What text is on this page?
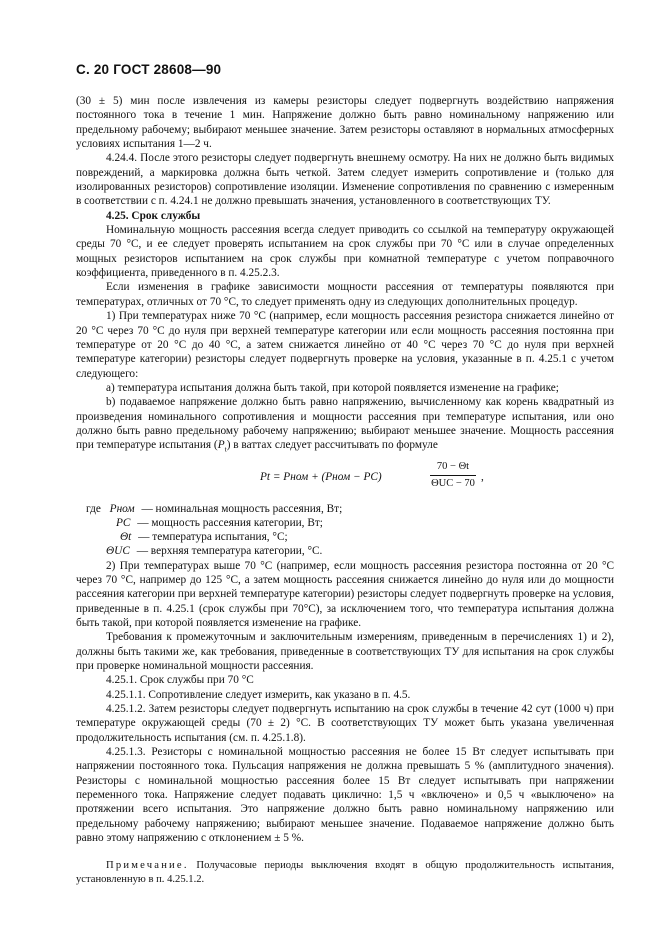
С. 20 ГОСТ 28608—90

(30 ± 5) мин после извлечения из камеры резисторы следует подвергнуть воздействию напряжения постоянного тока в течение 1 мин. Напряжение должно быть равно номинальному напряжению или предельному рабочему; выбирают меньшее значение. Затем резисторы оставляют в нормальных атмосферных условиях испытания 1—2 ч.

4.24.4. После этого резисторы следует подвергнуть внешнему осмотру. На них не должно быть видимых повреждений, а маркировка должна быть четкой. Затем следует измерить сопротивление и (только для изолированных резисторов) сопротивление изоляции. Изменение сопротивления по сравнению с измеренным в соответствии с п. 4.24.1 не должно превышать значения, установленного в соответствующих ТУ.

4.25. Срок службы

Номинальную мощность рассеяния всегда следует приводить со ссылкой на температуру окружающей среды 70 °С, и ее следует проверять испытанием на срок службы при 70 °С или в случае определенных мощных резисторов испытанием на срок службы при комнатной температуре с учетом поправочного коэффициента, приведенного в п. 4.25.2.3.

Если изменения в графике зависимости мощности рассеяния от температуры появляются при температурах, отличных от 70 °С, то следует применять одну из следующих дополнительных процедур.

1) При температурах ниже 70 °С (например, если мощность рассеяния резистора снижается линейно от 20 °С через 70 °С до нуля при верхней температуре категории или если мощность рассеяния постоянна при температуре от 20 °С до 40 °С, а затем снижается линейно от 40 °С через 70 °С до нуля при верхней температуре категории) резисторы следует подвергнуть проверке на условия, указанные в п. 4.25.1 с учетом следующего:

а) температура испытания должна быть такой, при которой появляется изменение на графике;

b) подаваемое напряжение должно быть равно напряжению, вычисленному как корень квадратный из произведения номинального сопротивления и мощности рассеяния при температуре испытания, или оно должно быть равно предельному рабочему напряжению; выбирают меньшее значение. Мощность рассеяния при температуре испытания $(P_t)$ в ваттах следует рассчитывать по формуле

Pt = Pном + (Pном − PC)
70 − Θt
ΘUC − 70
,
где Pном — номинальная мощность рассеяния, Вт;
PC — мощность рассеяния категории, Вт;
Θt — температура испытания, °С;
ΘUC — верхняя температура категории, °С.

2) При температурах выше 70 °С (например, если мощность рассеяния резистора постоянна от 20 °С через 70 °С, например до 125 °С, а затем мощность рассеяния снижается линейно до нуля или до мощности рассеяния категории при верхней температуре категории) резисторы следует подвергнуть проверке на условия, приведенные в п. 4.25.1 (срок службы при 70°С), за исключением того, что температура испытания должна быть такой, при которой появляется изменение на графике.

Требования к промежуточным и заключительным измерениям, приведенным в перечислениях 1) и 2), должны быть такими же, как требования, приведенные в соответствующих ТУ для испытания на срок службы при проверке номинальной мощности рассеяния.

4.25.1. Срок службы при 70 °С

4.25.1.1. Сопротивление следует измерить, как указано в п. 4.5.

4.25.1.2. Затем резисторы следует подвергнуть испытанию на срок службы в течение 42 сут (1000 ч) при температуре окружающей среды (70 ± 2) °С. В соответствующих ТУ может быть указана увеличенная продолжительность испытания (см. п. 4.25.1.8).

4.25.1.3. Резисторы с номинальной мощностью рассеяния не более 15 Вт следует испытывать при напряжении постоянного тока. Пульсация напряжения не должна превышать 5 % (амплитудного значения). Резисторы с номинальной мощностью рассеяния более 15 Вт следует испытывать при напряжении переменного тока. Напряжение следует подавать циклично: 1,5 ч «включено» и 0,5 ч «выключено» на протяжении всего испытания. Это напряжение должно быть равно номинальному напряжению или предельному рабочему напряжению; выбирают меньшее значение. Подаваемое напряжение должно быть равно этому напряжению с отклонением ± 5 %.

Примечание. Получасовые периоды выключения входят в общую продолжительность испытания, установленную в п. 4.25.1.2.
